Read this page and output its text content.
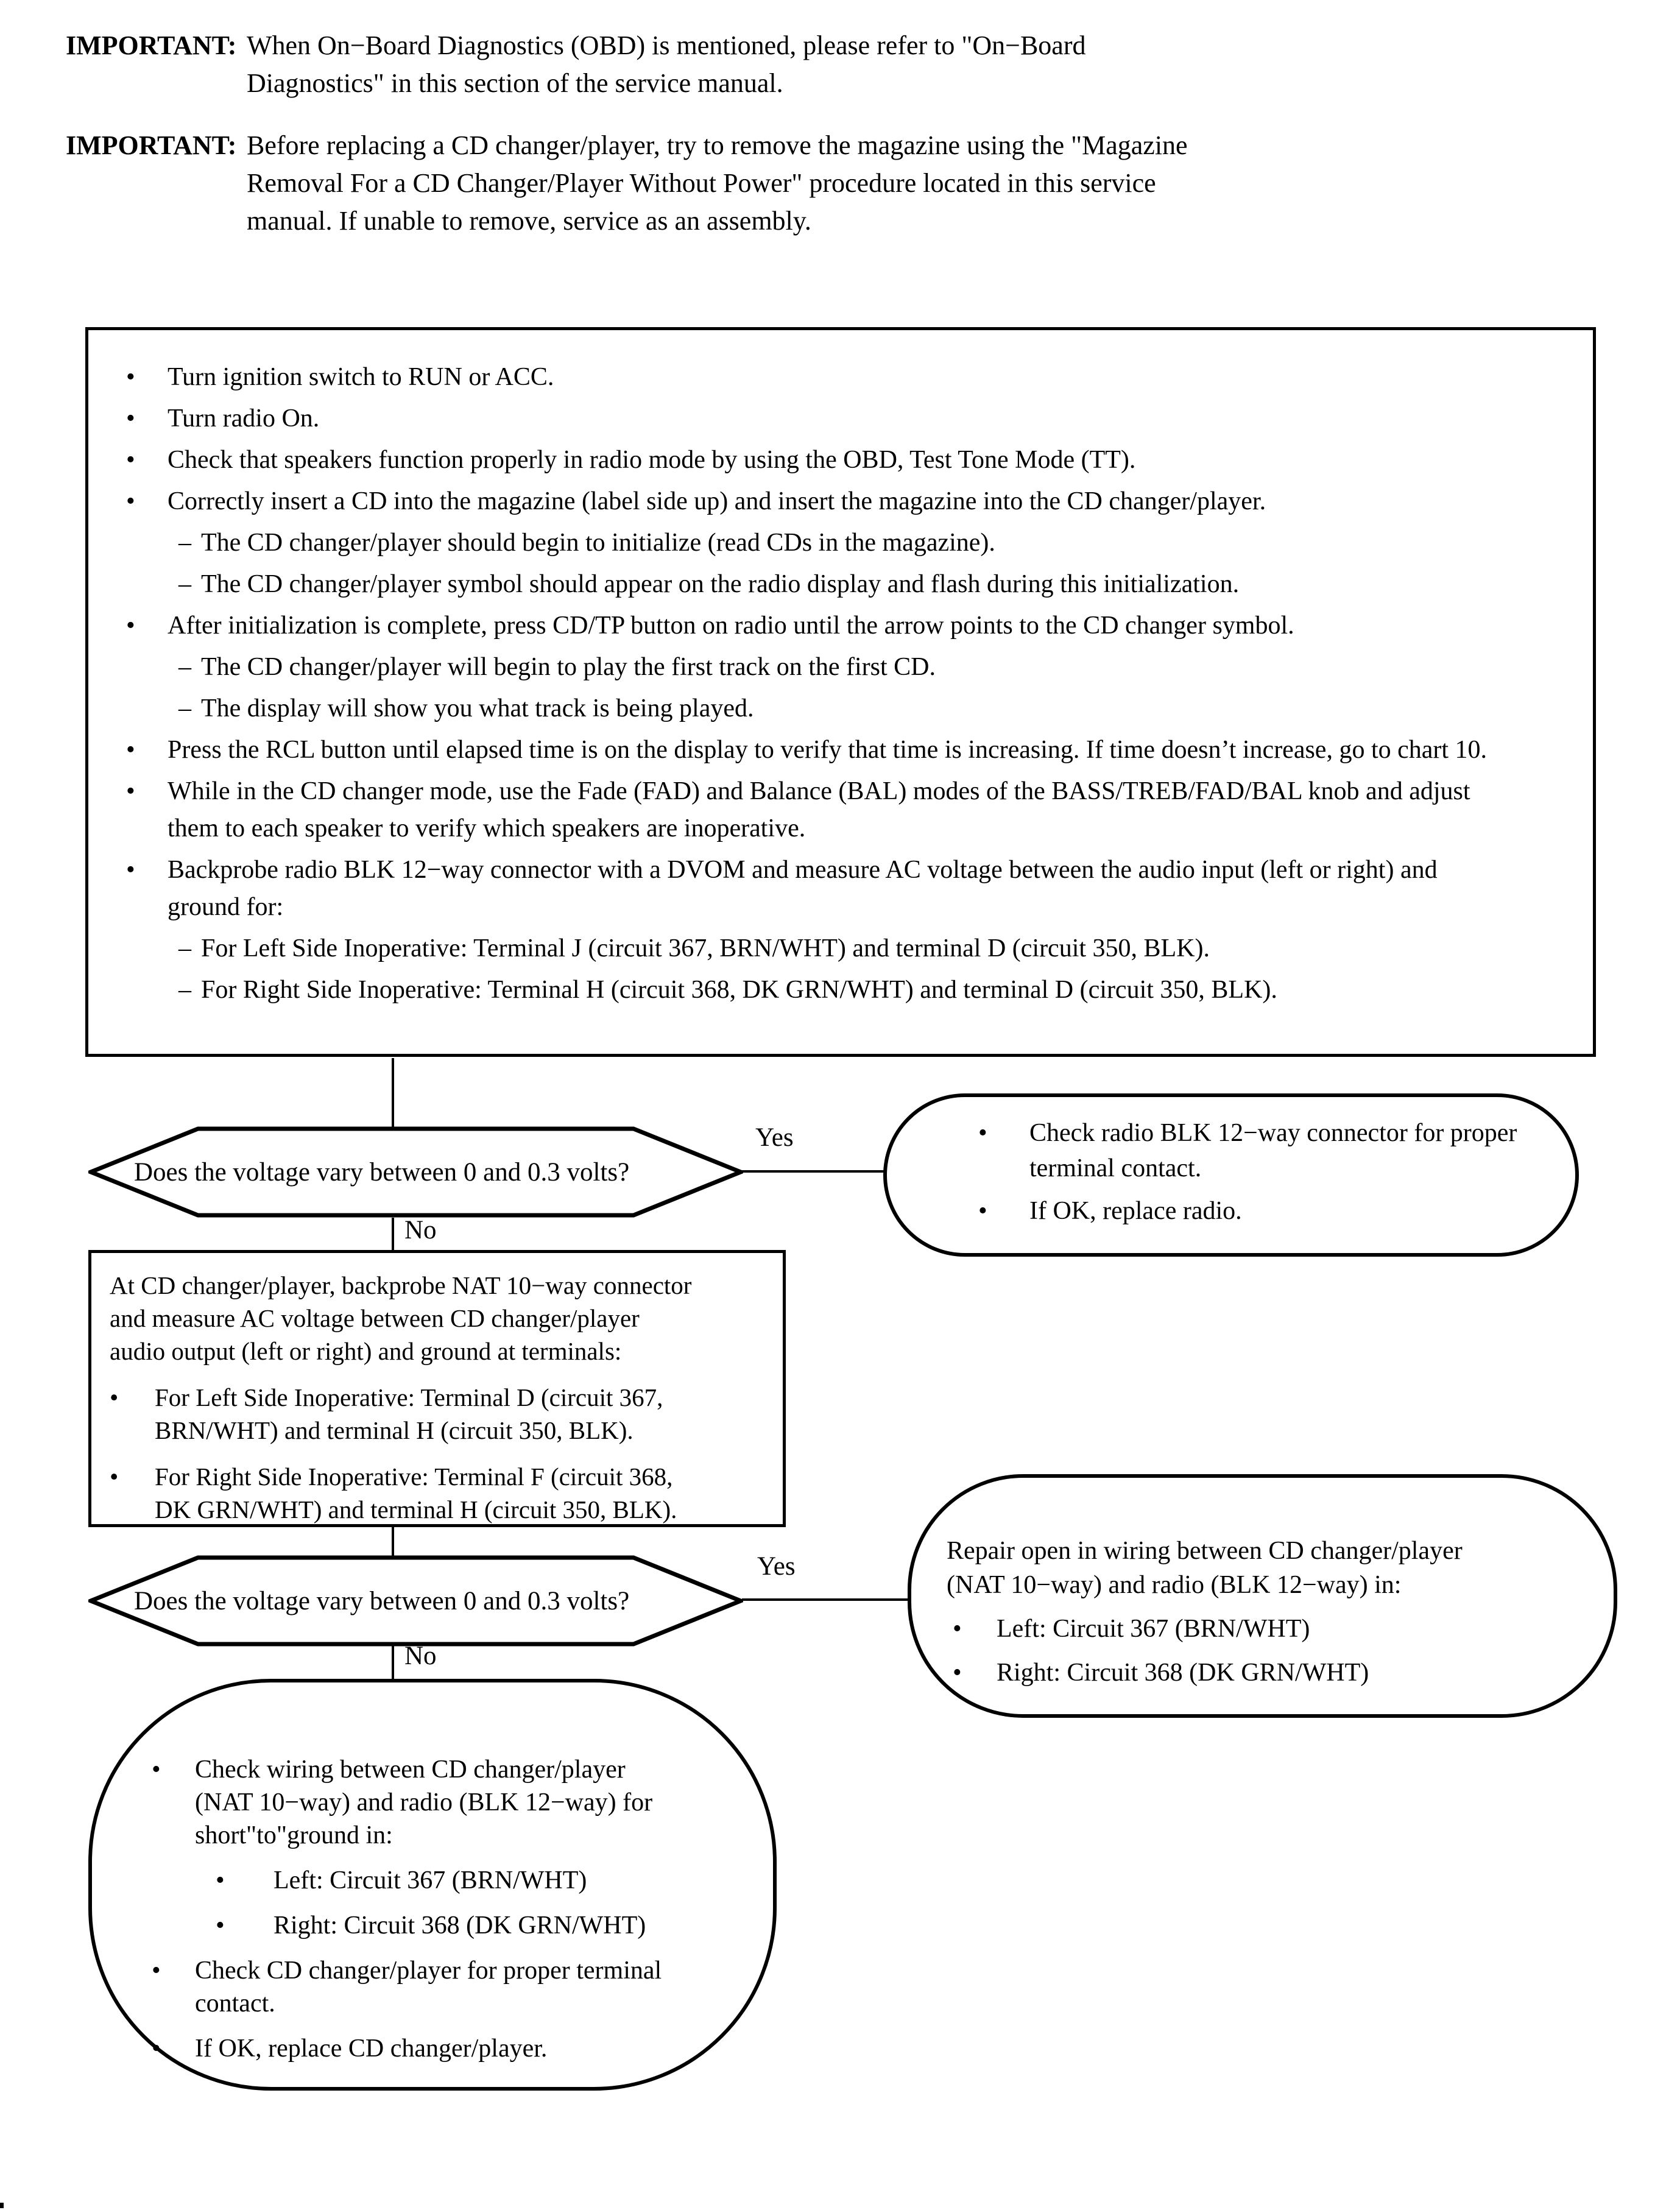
IMPORTANT: When On−Board Diagnostics (OBD) is mentioned, please refer to "On−Board
Diagnostics" in this section of the service manual.
IMPORTANT: Before replacing a CD changer/player, try to remove the magazine using the "Magazine
Removal For a CD Changer/Player Without Power" procedure located in this service
manual. If unable to remove, service as an assembly.
•	Turn ignition switch to RUN or ACC.
•	Turn radio On.
•	Check that speakers function properly in radio mode by using the OBD, Test Tone Mode (TT).
•	Correctly insert a CD into the magazine (label side up) and insert the magazine into the CD changer/player.
– The CD changer/player should begin to initialize (read CDs in the magazine).
– The CD changer/player symbol should appear on the radio display and flash during this initialization.
•	After initialization is complete, press CD/TP button on radio until the arrow points to the CD changer symbol.
– The CD changer/player will begin to play the first track on the first CD.
– The display will show you what track is being played.
•	Press the RCL button until elapsed time is on the display to verify that time is increasing. If time doesn’t increase, go to chart 10.
•	While in the CD changer mode, use the Fade (FAD) and Balance (BAL) modes of the BASS/TREB/FAD/BAL knob and adjust
them to each speaker to verify which speakers are inoperative.
•	Backprobe radio BLK 12−way connector with a DVOM and measure AC voltage between the audio input (left or right) and
ground for:
– For Left Side Inoperative: Terminal J (circuit 367, BRN/WHT) and terminal D (circuit 350, BLK).
– For Right Side Inoperative: Terminal H (circuit 368, DK GRN/WHT) and terminal D (circuit 350, BLK).
Does the voltage vary between 0 and 0.3 volts?
Yes
No
•	Check radio BLK 12−way connector for proper
terminal contact.
•	If OK, replace radio.
At CD changer/player, backprobe NAT 10−way connector
and measure AC voltage between CD changer/player
audio output (left or right) and ground at terminals:
•	For Left Side Inoperative: Terminal D (circuit 367,
BRN/WHT) and terminal H (circuit 350, BLK).
•	For Right Side Inoperative: Terminal F (circuit 368,
DK GRN/WHT) and terminal H (circuit 350, BLK).
Does the voltage vary between 0 and 0.3 volts?
Yes
No
Repair open in wiring between CD changer/player
(NAT 10−way) and radio (BLK 12−way) in:
•	Left: Circuit 367 (BRN/WHT)
•	Right: Circuit 368 (DK GRN/WHT)
•	Check wiring between CD changer/player
(NAT 10−way) and radio (BLK 12−way) for
short"to"ground in:
•	Left: Circuit 367 (BRN/WHT)
•	Right: Circuit 368 (DK GRN/WHT)
•	Check CD changer/player for proper terminal
contact.
•	If OK, replace CD changer/player.
